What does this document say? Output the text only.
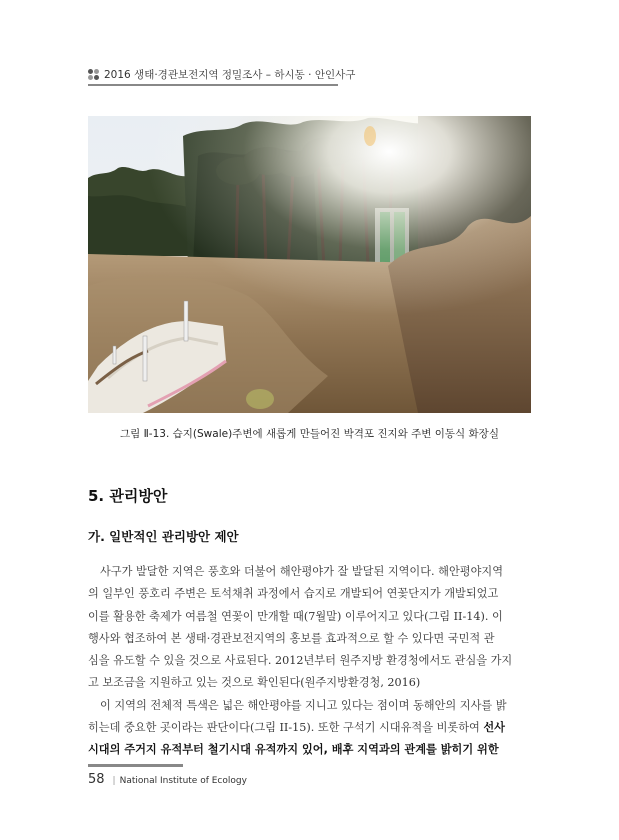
2016 생태·경관보전지역 정밀조사 – 하시동 · 안인사구
그림 Ⅱ-13. 습지(Swale)주변에 새롭게 만들어진 박격포 진지와 주변 이동식 화장실
5. 관리방안
가. 일반적인 관리방안 제안
사구가 발달한 지역은 풍호와 더불어 해안평야가 잘 발달된 지역이다. 해안평야지역
의 일부인 풍호리 주변은 토석채취 과정에서 습지로 개발되어 연꽃단지가 개발되었고
이를 활용한 축제가 여름철 연꽃이 만개할 때(7월말) 이루어지고 있다(그림 II-14). 이
행사와 협조하여 본 생태·경관보전지역의 홍보를 효과적으로 할 수 있다면 국민적 관
심을 유도할 수 있을 것으로 사료된다. 2012년부터 원주지방 환경청에서도 관심을 가지
고 보조금을 지원하고 있는 것으로 확인된다(원주지방환경청, 2016)
이 지역의 전체적 특색은 넓은 해안평야를 지니고 있다는 점이며 동해안의 지사를 밝
히는데 중요한 곳이라는 판단이다(그림 II-15). 또한 구석기 시대유적을 비롯하여 선사
시대의 주거지 유적부터 철기시대 유적까지 있어, 배후 지역과의 관계를 밝히기 위한
58 | National Institute of Ecology
